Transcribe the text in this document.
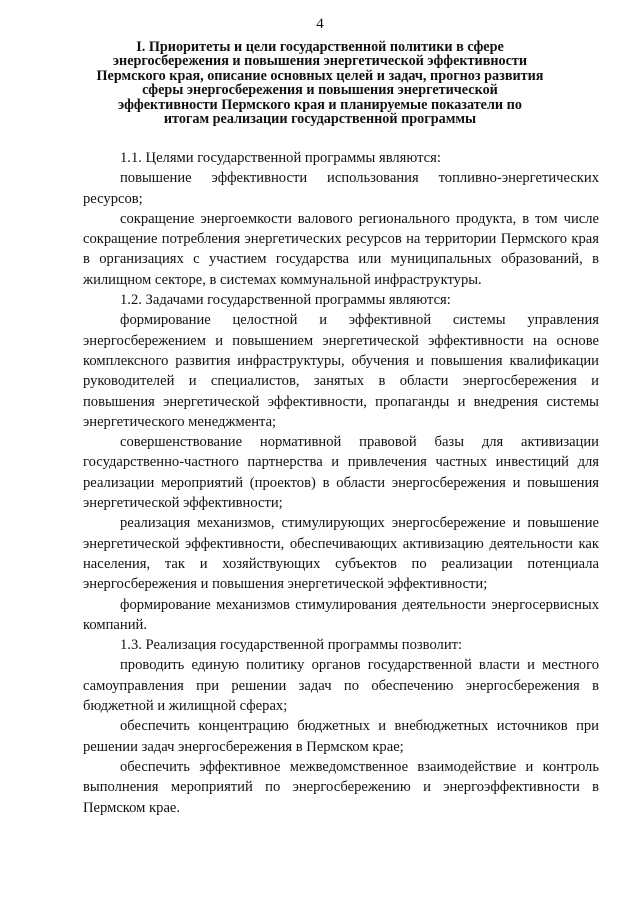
4
I. Приоритеты и цели государственной политики в сфере энергосбережения и повышения энергетической эффективности Пермского края, описание основных целей и задач, прогноз развития сферы энергосбережения и повышения энергетической эффективности Пермского края и планируемые показатели по итогам реализации государственной программы

1.1. Целями государственной программы являются:

повышение эффективности использования топливно-энергетических ресурсов;

сокращение энергоемкости валового регионального продукта, в том числе сокращение потребления энергетических ресурсов на территории Пермского края в организациях с участием государства или муниципальных образований, в жилищном секторе, в системах коммунальной инфраструктуры.

1.2. Задачами государственной программы являются:

формирование целостной и эффективной системы управления энергосбережением и повышением энергетической эффективности на основе комплексного развития инфраструктуры, обучения и повышения квалификации руководителей и специалистов, занятых в области энергосбережения и повышения энергетической эффективности, пропаганды и внедрения системы энергетического менеджмента;

совершенствование нормативной правовой базы для активизации государственно-частного партнерства и привлечения частных инвестиций для реализации мероприятий (проектов) в области энергосбережения и повышения энергетической эффективности;

реализация механизмов, стимулирующих энергосбережение и повышение энергетической эффективности, обеспечивающих активизацию деятельности как населения, так и хозяйствующих субъектов по реализации потенциала энергосбережения и повышения энергетической эффективности;

формирование механизмов стимулирования деятельности энергосервисных компаний.

1.3. Реализация государственной программы позволит:

проводить единую политику органов государственной власти и местного самоуправления при решении задач по обеспечению энергосбережения в бюджетной и жилищной сферах;

обеспечить концентрацию бюджетных и внебюджетных источников при решении задач энергосбережения в Пермском крае;

обеспечить эффективное межведомственное взаимодействие и контроль выполнения мероприятий по энергосбережению и энергоэффективности в Пермском крае.
